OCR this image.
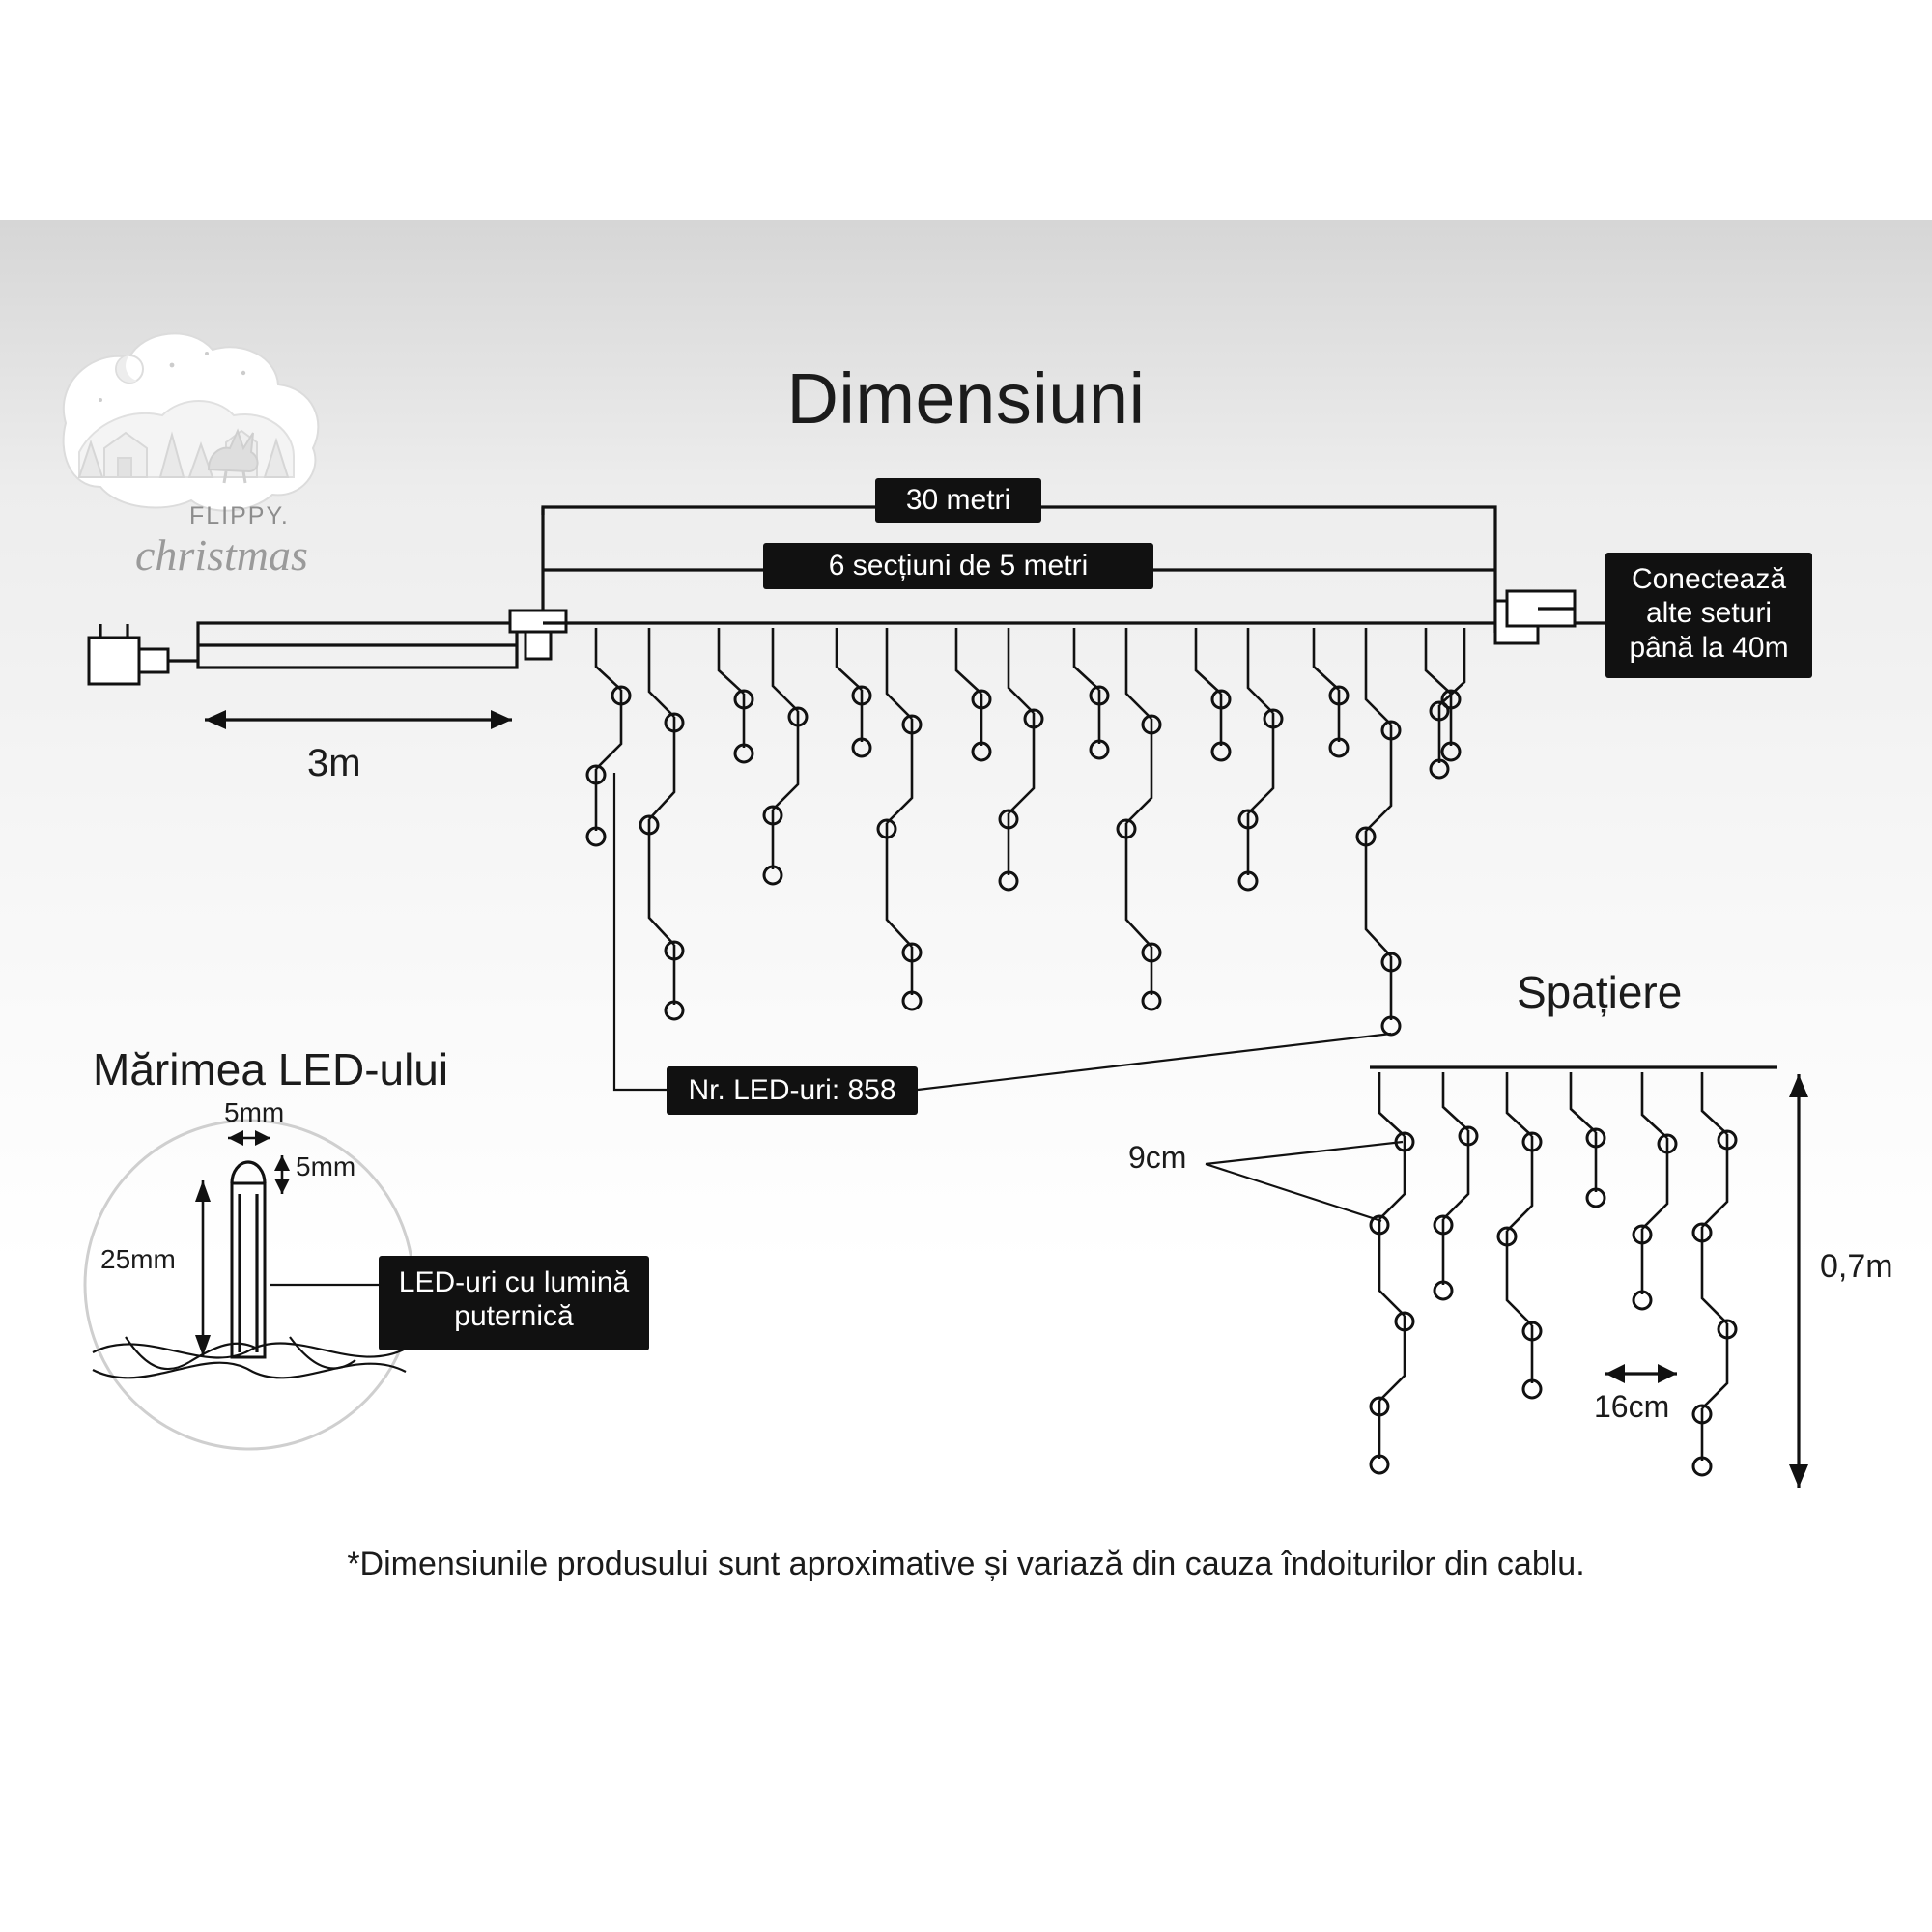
FLIPPY.
christmas
Dimensiuni
30 metri
6 secțiuni de 5 metri	Conectează alte seturi până la 40m
3m
Nr. LED-uri: 858
Spațiere
9cm
16cm
0,7m
Mărimea LED-ului
5mm
5mm
25mm
LED-uri cu lumină puternică
*Dimensiunile produsului sunt aproximative și variază din cauza îndoiturilor din cablu.
